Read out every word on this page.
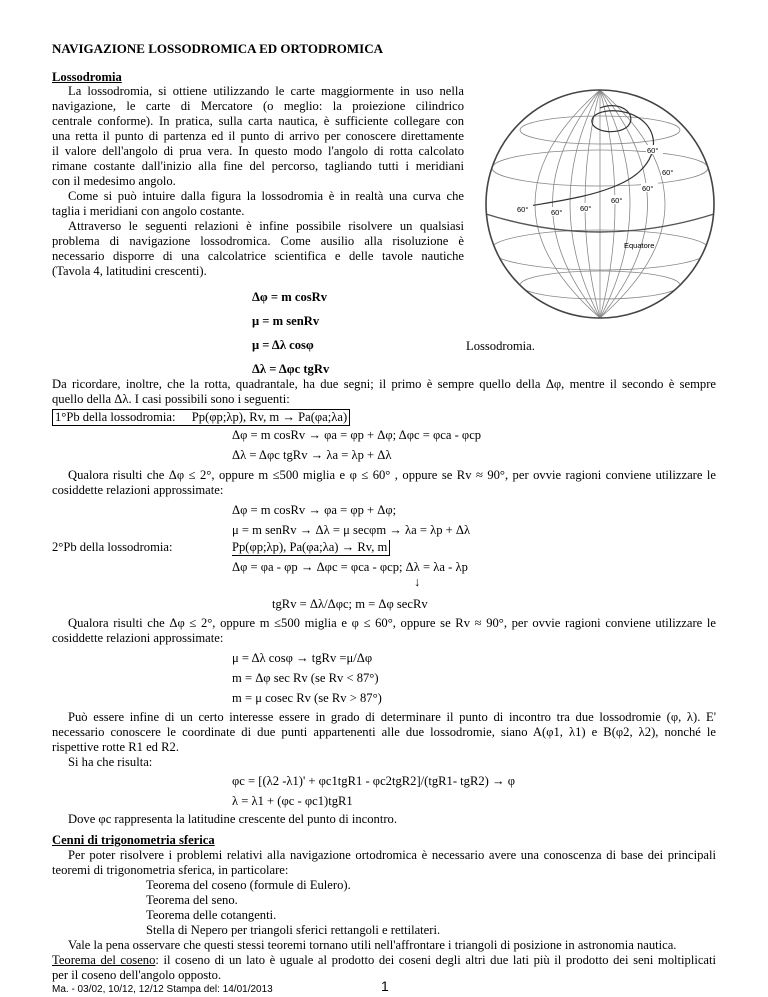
NAVIGAZIONE LOSSODROMICA ED ORTODROMICA
Lossodromia
La lossodromia, si ottiene utilizzando le carte maggiormente in uso nella
navigazione, le carte di Mercatore (o meglio: la proiezione cilindrico
centrale conforme). In pratica, sulla carta nautica, è sufficiente collegare con
una retta il punto di partenza ed il punto di arrivo per conoscere direttamente
il valore dell'angolo di prua vera. In questo modo l'angolo di rotta calcolato
rimane costante dall'inizio alla fine del percorso, tagliando tutti i meridiani
con il medesimo angolo.
Come si può intuire dalla figura la lossodromia è in realtà una curva che
taglia i meridiani con angolo costante.
Attraverso le seguenti relazioni è infine possibile risolvere un qualsiasi
problema di navigazione lossodromica. Come ausilio alla risoluzione è
necessario disporre di una calcolatrice scientifica e delle tavole nautiche
(Tavola 4, latitudini crescenti).
Δφ = m cosRv
μ = m senRv
μ = Δλ cosφ
Δλ = Δφc tgRv
60°
60°
60°
60°
60°
60°
60°
Equatore
Lossodromia.
Da ricordare, inoltre, che la rotta, quadrantale, ha due segni; il primo è sempre quello della Δφ, mentre il secondo è sempre
quello della Δλ. I casi possibili sono i seguenti:
1°Pb della lossodromia: Pp(φp;λp), Rv, m → Pa(φa;λa)
Δφ = m cosRv → φa = φp + Δφ; Δφc = φca - φcp
Δλ = Δφc tgRv → λa = λp + Δλ
Qualora risulti che Δφ ≤ 2°, oppure m ≤500 miglia e φ ≤ 60° , oppure se Rv ≈ 90°, per ovvie ragioni conviene utilizzare le
cosiddette relazioni approssimate:
Δφ = m cosRv → φa = φp + Δφ;
μ = m senRv → Δλ = μ secφm → λa = λp + Δλ
2°Pb della lossodromia:	Pp(φp;λp), Pa(φa;λa) → Rv, m
Δφ = φa - φp → Δφc = φca - φcp; Δλ = λa - λp
↓
tgRv = Δλ/Δφc; m = Δφ secRv
Qualora risulti che Δφ ≤ 2°, oppure m ≤500 miglia e φ ≤ 60°, oppure se Rv ≈ 90°, per ovvie ragioni conviene utilizzare le
cosiddette relazioni approssimate:
μ = Δλ cosφ → tgRv =μ/Δφ
m = Δφ sec Rv (se Rv < 87°)
m = μ cosec Rv (se Rv > 87°)
Può essere infine di un certo interesse essere in grado di determinare il punto di incontro tra due lossodromie (φ, λ). E'
necessario conoscere le coordinate di due punti appartenenti alle due lossodromie, siano A(φ1, λ1) e B(φ2, λ2), nonché le
rispettive rotte R1 ed R2.
Si ha che risulta:
φc = [(λ2 -λ1)' + φc1tgR1 - φc2tgR2]/(tgR1- tgR2) → φ
λ = λ1 + (φc - φc1)tgR1
Dove φc rappresenta la latitudine crescente del punto di incontro.
Cenni di trigonometria sferica
Per poter risolvere i problemi relativi alla navigazione ortodromica è necessario avere una conoscenza di base dei principali
teoremi di trigonometria sferica, in particolare:
Teorema del coseno (formule di Eulero).
Teorema del seno.
Teorema delle cotangenti.
Stella di Nepero per triangoli sferici rettangoli e rettilateri.
Vale la pena osservare che questi stessi teoremi tornano utili nell'affrontare i triangoli di posizione in astronomia nautica.
Teorema del coseno: il coseno di un lato è uguale al prodotto dei coseni degli altri due lati più il prodotto dei seni moltiplicati
per il coseno dell'angolo opposto.
Ma. - 03/02, 10/12, 12/12 Stampa del: 14/01/2013	1
